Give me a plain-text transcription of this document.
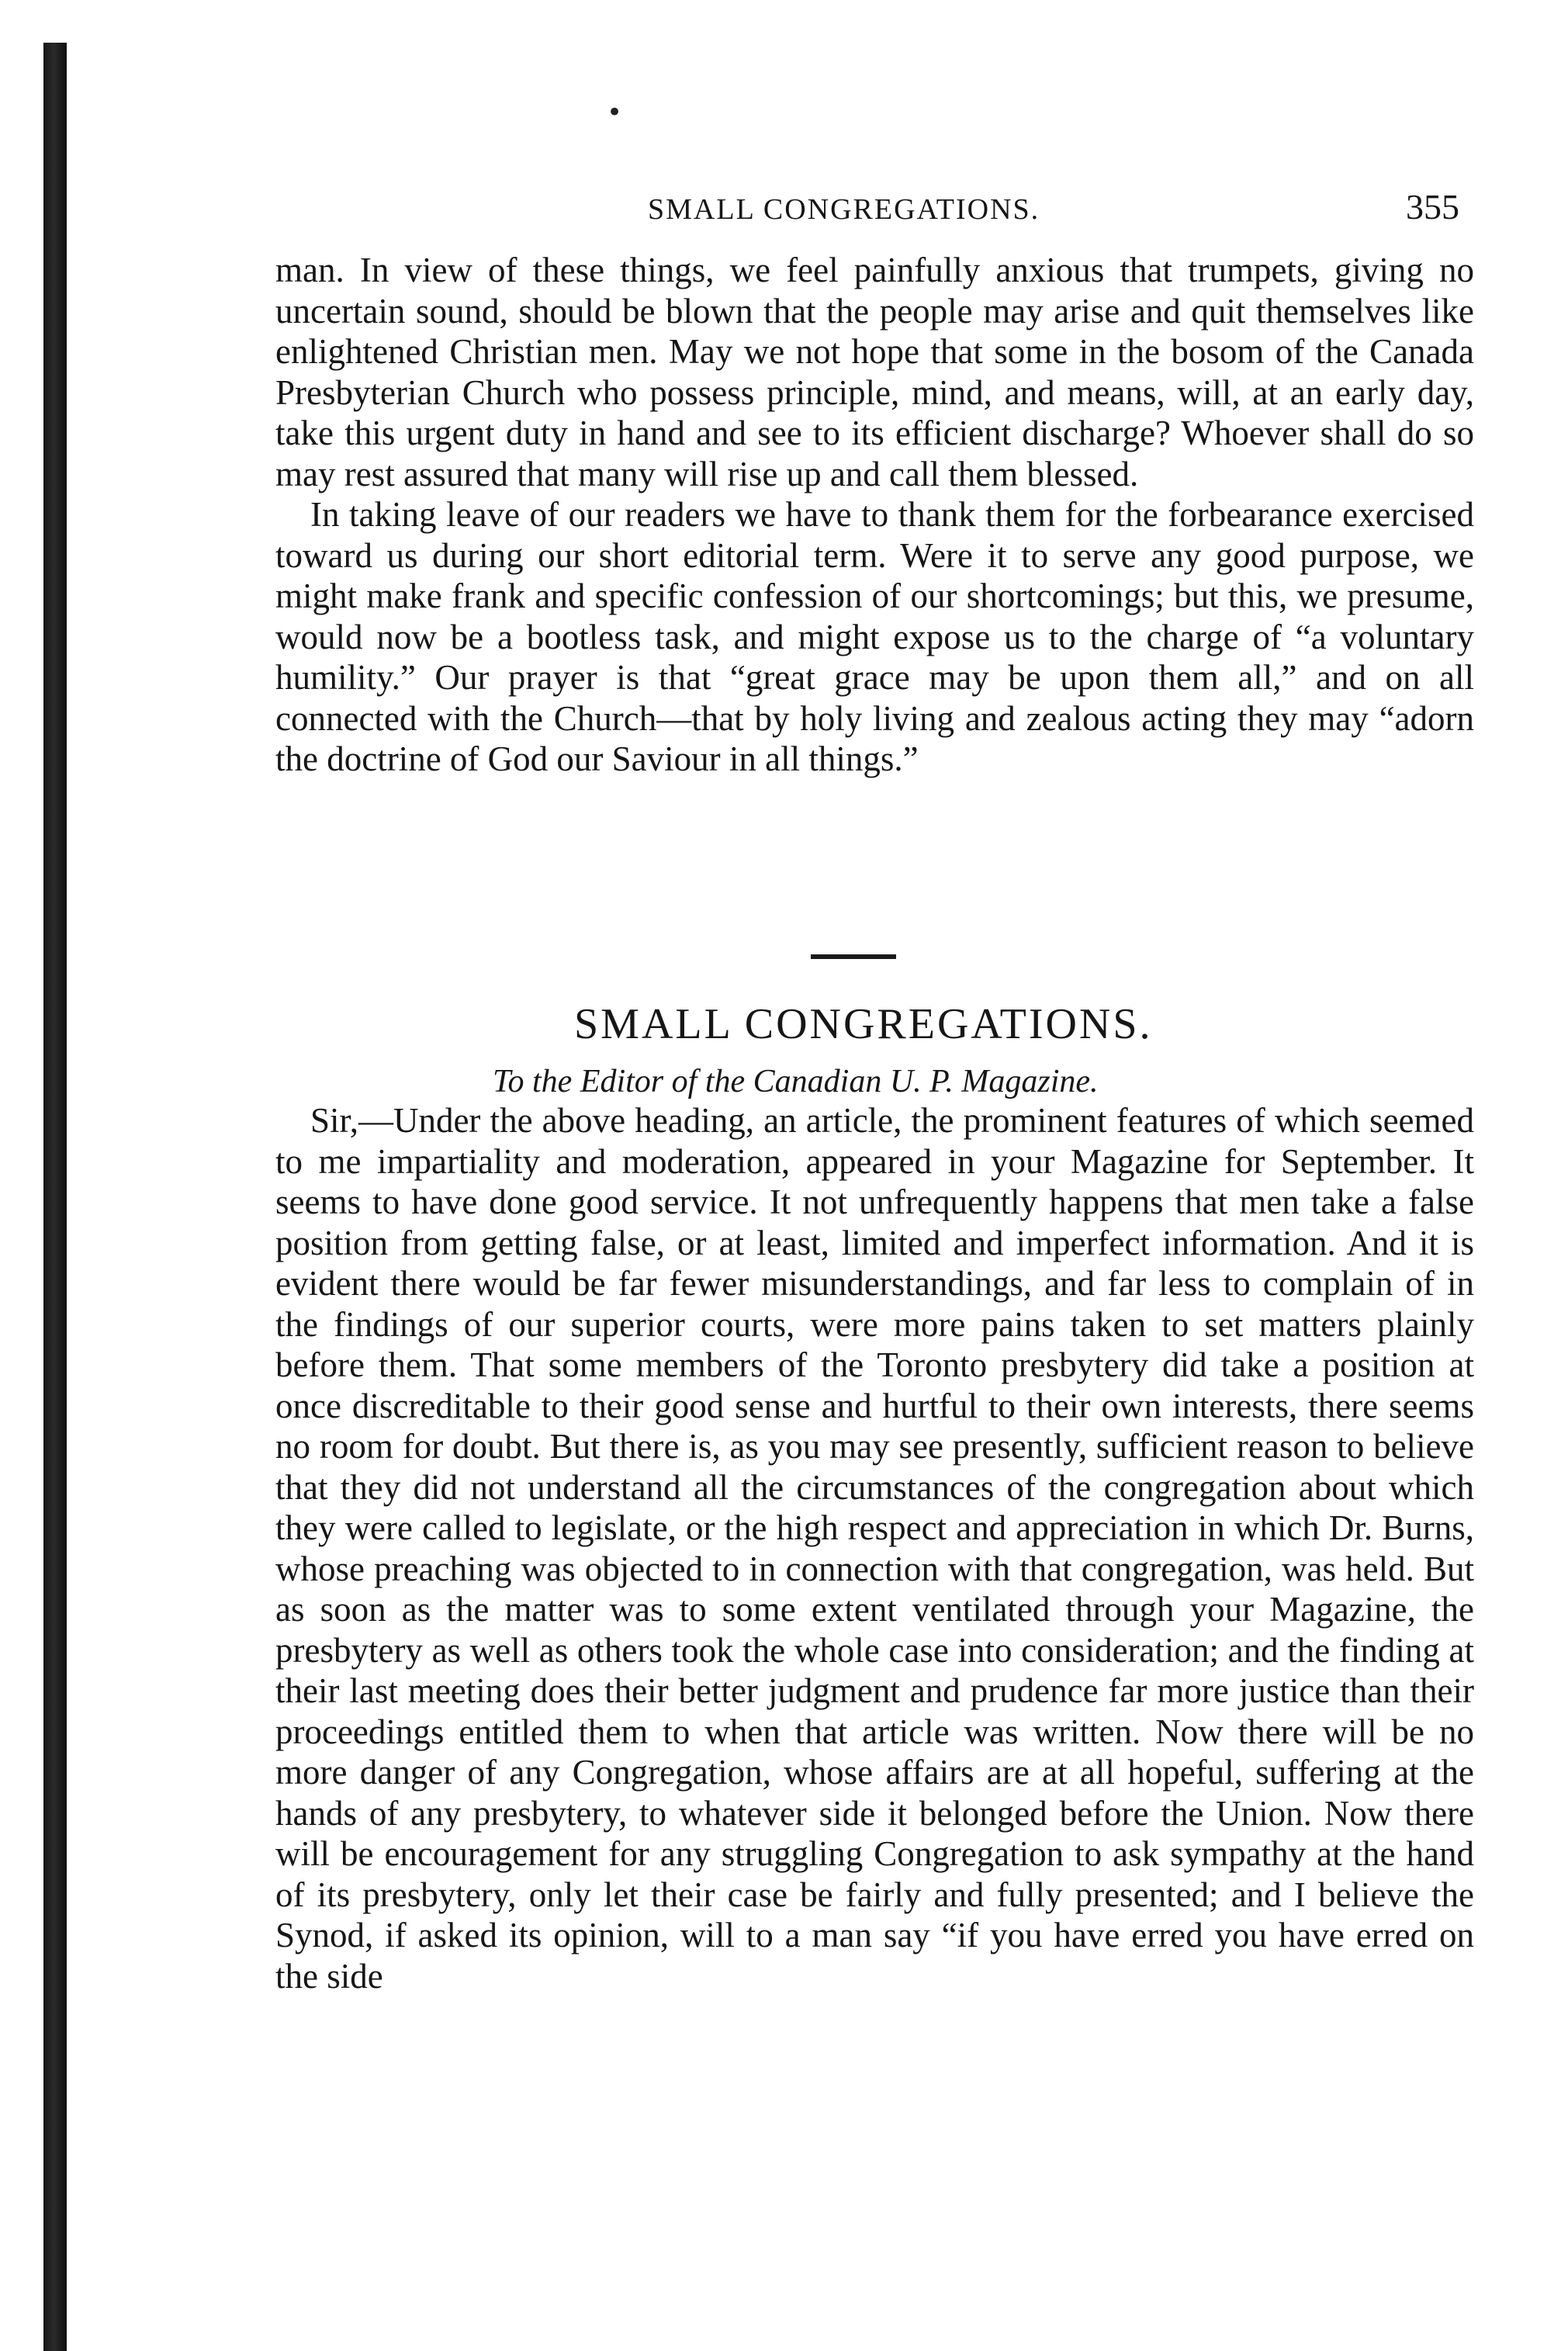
•
SMALL CONGREGATIONS.	355

man. In view of these things, we feel painfully anxious that trumpets, giving no uncertain sound, should be blown that the people may arise and quit themselves like enlightened Christian men. May we not hope that some in the bosom of the Canada Presbyterian Church who possess principle, mind, and means, will, at an early day, take this urgent duty in hand and see to its efficient discharge? Whoever shall do so may rest assured that many will rise up and call them blessed.

In taking leave of our readers we have to thank them for the forbearance exercised toward us during our short editorial term. Were it to serve any good purpose, we might make frank and specific confession of our shortcomings; but this, we presume, would now be a bootless task, and might expose us to the charge of “a voluntary humility.” Our prayer is that “great grace may be upon them all,” and on all connected with the Church—that by holy living and zealous acting they may “adorn the doctrine of God our Saviour in all things.”

SMALL CONGREGATIONS.
To the Editor of the Canadian U. P. Magazine.

Sir,—Under the above heading, an article, the prominent features of which seemed to me impartiality and moderation, appeared in your Magazine for September. It seems to have done good service. It not unfrequently happens that men take a false position from getting false, or at least, limited and imperfect information. And it is evident there would be far fewer misunderstandings, and far less to complain of in the findings of our superior courts, were more pains taken to set matters plainly before them. That some members of the Toronto presbytery did take a position at once discreditable to their good sense and hurtful to their own interests, there seems no room for doubt. But there is, as you may see presently, sufficient reason to believe that they did not understand all the circumstances of the congregation about which they were called to legislate, or the high respect and appreciation in which Dr. Burns, whose preaching was objected to in connection with that congregation, was held. But as soon as the matter was to some extent ventilated through your Magazine, the presbytery as well as others took the whole case into consideration; and the finding at their last meeting does their better judgment and prudence far more justice than their proceedings entitled them to when that article was written. Now there will be no more danger of any Congregation, whose affairs are at all hopeful, suffering at the hands of any presbytery, to whatever side it belonged before the Union. Now there will be encouragement for any struggling Congregation to ask sympathy at the hand of its presbytery, only let their case be fairly and fully presented; and I believe the Synod, if asked its opinion, will to a man say “if you have erred you have erred on the side
